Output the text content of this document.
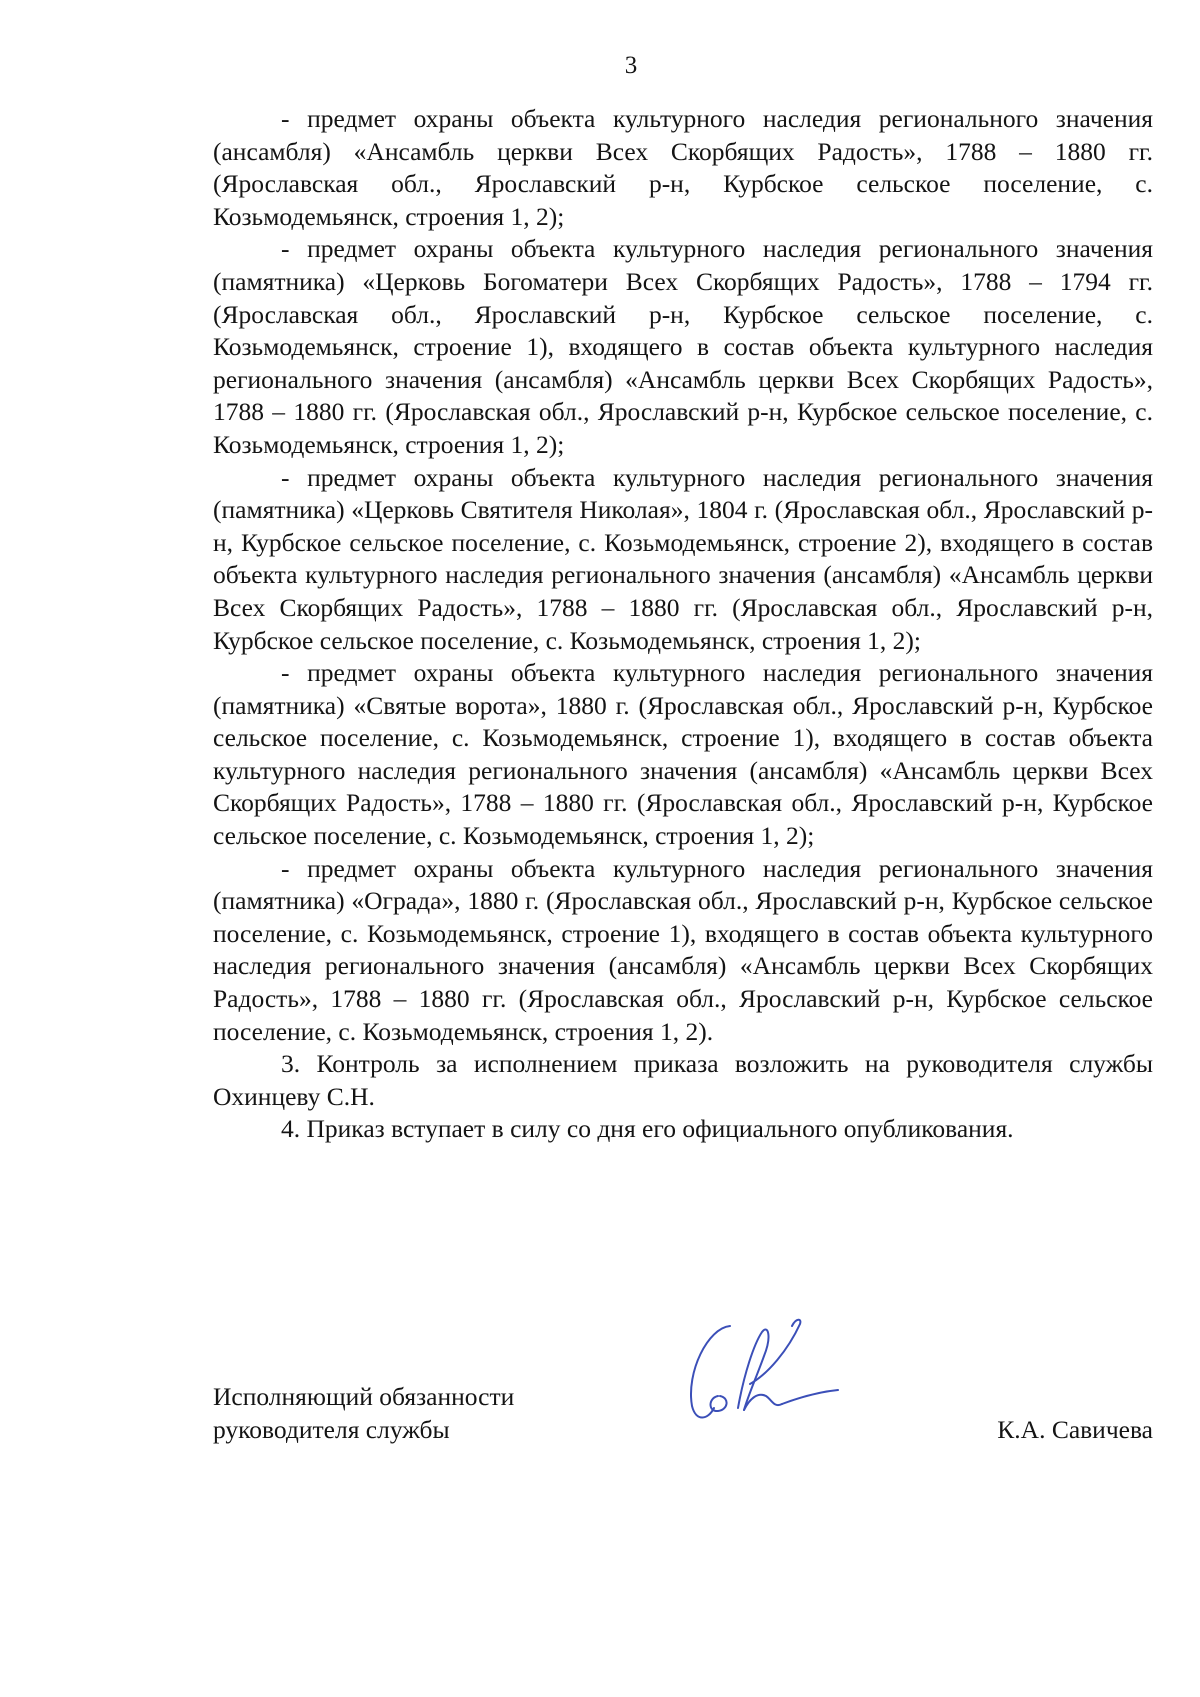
3

- предмет охраны объекта культурного наследия регионального значения (ансамбля) «Ансамбль церкви Всех Скорбящих Радость», 1788 – 1880 гг. (Ярославская обл., Ярославский р-н, Курбское сельское поселение, с. Козьмодемьянск, строения 1, 2);

- предмет охраны объекта культурного наследия регионального значения (памятника) «Церковь Богоматери Всех Скорбящих Радость», 1788 – 1794 гг. (Ярославская обл., Ярославский р-н, Курбское сельское поселение, с. Козьмодемьянск, строение 1), входящего в состав объекта культурного наследия регионального значения (ансамбля) «Ансамбль церкви Всех Скорбящих Радость», 1788 – 1880 гг. (Ярославская обл., Ярославский р-н, Курбское сельское поселение, с. Козьмодемьянск, строения 1, 2);

- предмет охраны объекта культурного наследия регионального значения (памятника) «Церковь Святителя Николая», 1804 г. (Ярославская обл., Ярославский р-н, Курбское сельское поселение, с. Козьмодемьянск, строение 2), входящего в состав объекта культурного наследия регионального значения (ансамбля) «Ансамбль церкви Всех Скорбящих Радость», 1788 – 1880 гг. (Ярославская обл., Ярославский р-н, Курбское сельское поселение, с. Козьмодемьянск, строения 1, 2);

- предмет охраны объекта культурного наследия регионального значения (памятника) «Святые ворота», 1880 г. (Ярославская обл., Ярославский р-н, Курбское сельское поселение, с. Козьмодемьянск, строение 1), входящего в состав объекта культурного наследия регионального значения (ансамбля) «Ансамбль церкви Всех Скорбящих Радость», 1788 – 1880 гг. (Ярославская обл., Ярославский р-н, Курбское сельское поселение, с. Козьмодемьянск, строения 1, 2);

- предмет охраны объекта культурного наследия регионального значения (памятника) «Ограда», 1880 г. (Ярославская обл., Ярославский р-н, Курбское сельское поселение, с. Козьмодемьянск, строение 1), входящего в состав объекта культурного наследия регионального значения (ансамбля) «Ансамбль церкви Всех Скорбящих Радость», 1788 – 1880 гг. (Ярославская обл., Ярославский р-н, Курбское сельское поселение, с. Козьмодемьянск, строения 1, 2).

3. Контроль за исполнением приказа возложить на руководителя службы Охинцеву С.Н.

4. Приказ вступает в силу со дня его официального опубликования.

Исполняющий обязанности
руководителя службы	К.А. Савичева
